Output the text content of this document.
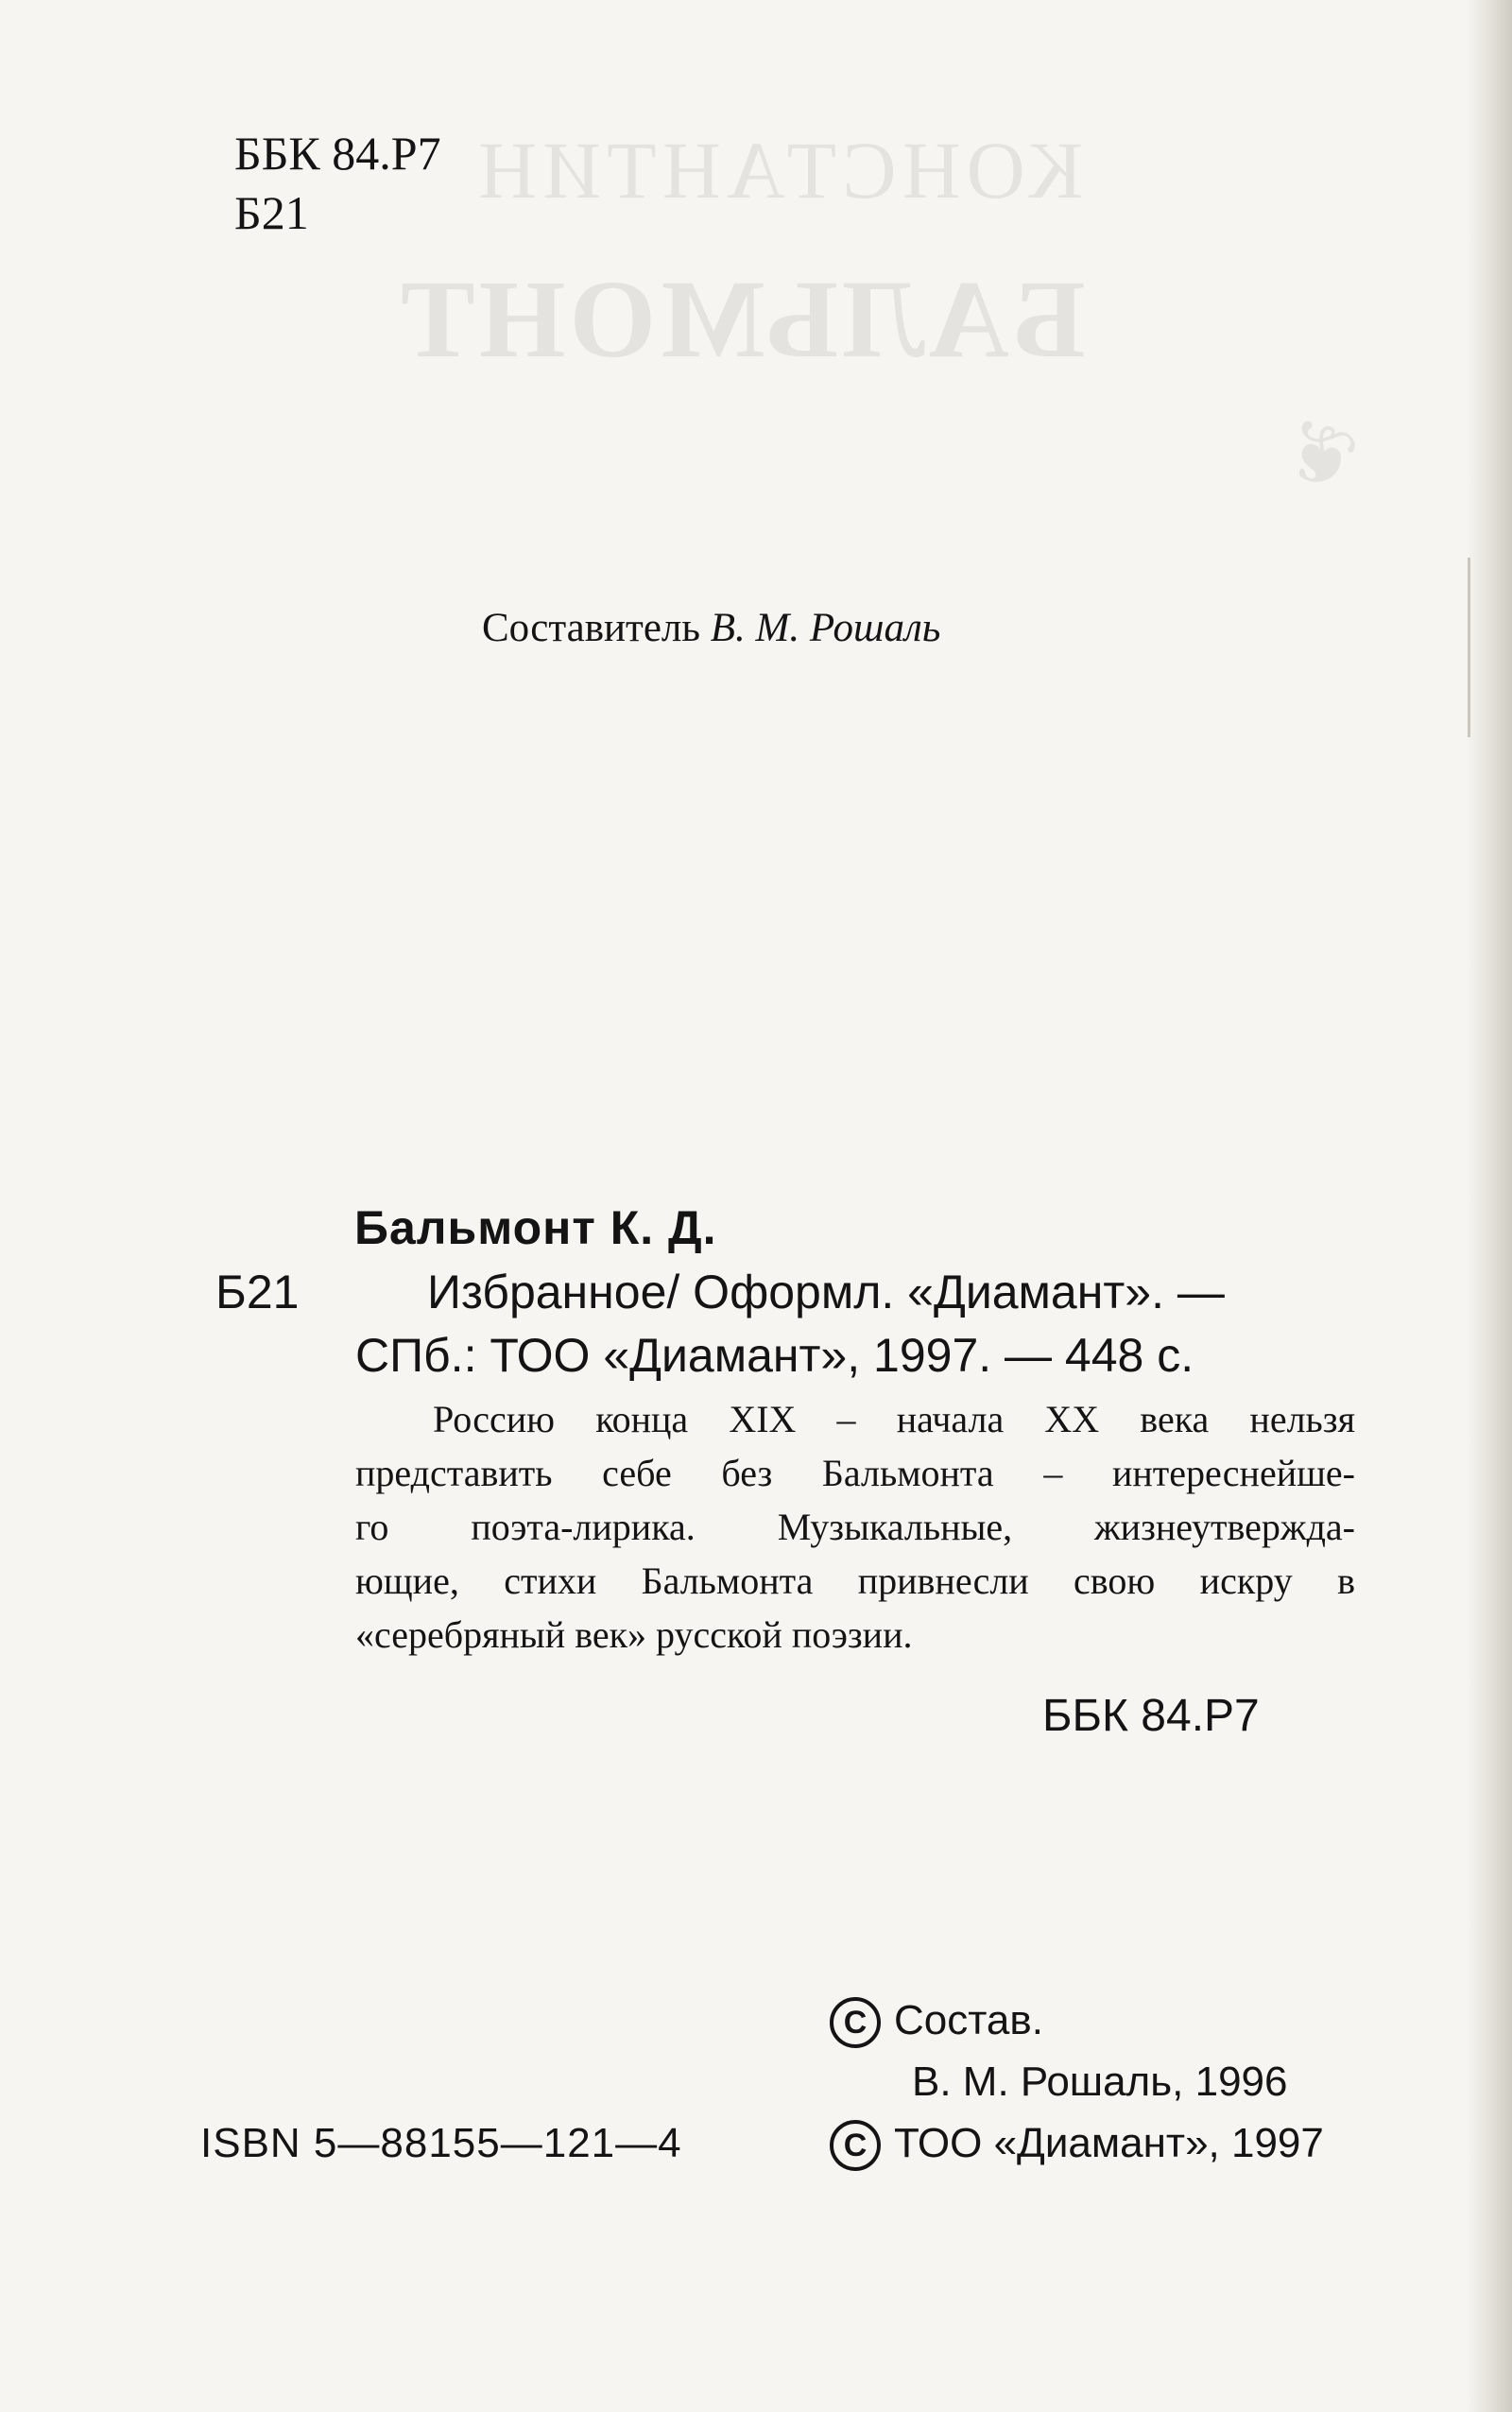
КОНСТАНТИН
БАЛЬМОНТ
❦
ББК 84.Р7
Б21
Составитель В. М. Рошаль
Бальмонт К. Д.
Б21	Избранное/ Оформл. «Диамант». —
СПб.: ТОО «Диамант», 1997. — 448 с.
Россию конца XIX – начала XX века нельзя
представить себе без Бальмонта – интереснейше-
го поэта-лирика. Музыкальные, жизнеутвержда-
ющие, стихи Бальмонта привнесли свою искру в
«серебряный век» русской поэзии.
ББК 84.Р7
C Состав.
В. М. Рошаль, 1996
ISBN 5—88155—121—4	C ТОО «Диамант», 1997
